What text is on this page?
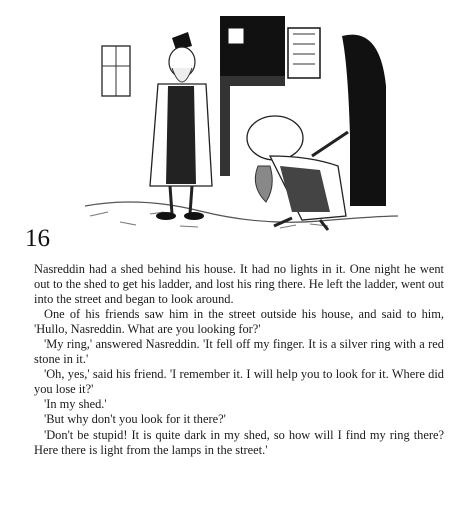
16

Nasreddin had a shed behind his house. It had no lights in it. One night he went out to the shed to get his ladder, and lost his ring there. He left the ladder, went out into the street and began to look around.

One of his friends saw him in the street outside his house, and said to him, 'Hullo, Nasreddin. What are you looking for?'

'My ring,' answered Nasreddin. 'It fell off my finger. It is a silver ring with a red stone in it.'

'Oh, yes,' said his friend. 'I remember it. I will help you to look for it. Where did you lose it?'

'In my shed.'

'But why don't you look for it there?'

'Don't be stupid! It is quite dark in my shed, so how will I find my ring there? Here there is light from the lamps in the street.'
